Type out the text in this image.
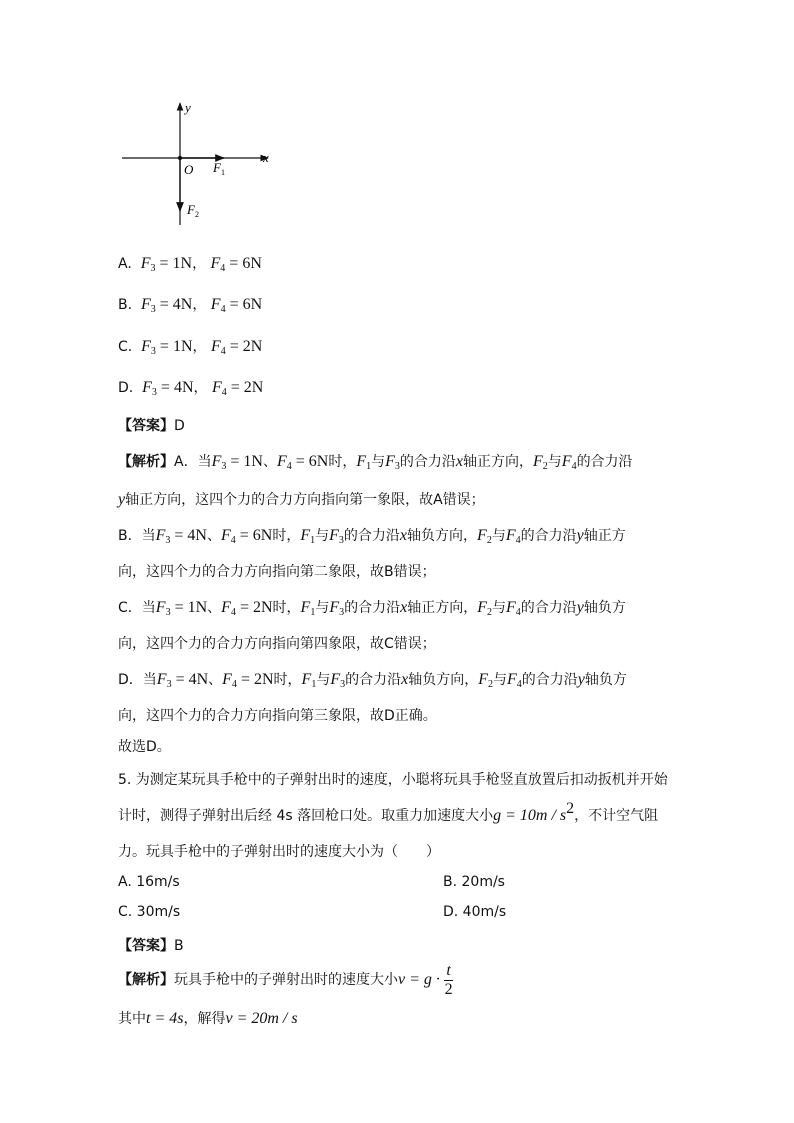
y
x
O $F_1$
$F_2$
A. $F_3 = 1N$， $F_4 = 6N$
B. $F_3 = 4N$， $F_4 = 6N$
C. $F_3 = 1N$， $F_4 = 2N$
D. $F_3 = 4N$， $F_4 = 2N$
【答案】D
【解析】A．当$F_3 = 1N$、$F_4 = 6N$时，$F_1$与$F_3$的合力沿x轴正方向，$F_2$与$F_4$的合力沿
y轴正方向，这四个力的合力方向指向第一象限，故A错误；
B．当$F_3 = 4N$、$F_4 = 6N$时，$F_1$与$F_3$的合力沿x轴负方向，$F_2$与$F_4$的合力沿y轴正方
向，这四个力的合力方向指向第二象限，故B错误；
C．当$F_3 = 1N$、$F_4 = 2N$时，$F_1$与$F_3$的合力沿x轴正方向，$F_2$与$F_4$的合力沿y轴负方
向，这四个力的合力方向指向第四象限，故C错误；
D．当$F_3 = 4N$、$F_4 = 2N$时，$F_1$与$F_3$的合力沿x轴负方向，$F_2$与$F_4$的合力沿y轴负方
向，这四个力的合力方向指向第三象限，故D正确。
故选D。
5. 为测定某玩具手枪中的子弹射出时的速度，小聪将玩具手枪竖直放置后扣动扳机并开始
计时，测得子弹射出后经 4s 落回枪口处。取重力加速度大小$g = 10m / s^2$，不计空气阻
力。玩具手枪中的子弹射出时的速度大小为（　　）
A. 16m/s	B. 20m/s
C. 30m/s	D. 40m/s
【答案】B
【解析】玩具手枪中的子弹射出时的速度大小$v = g \cdot \frac{t}{2}$
其中t = 4s，解得v = 20m / s
